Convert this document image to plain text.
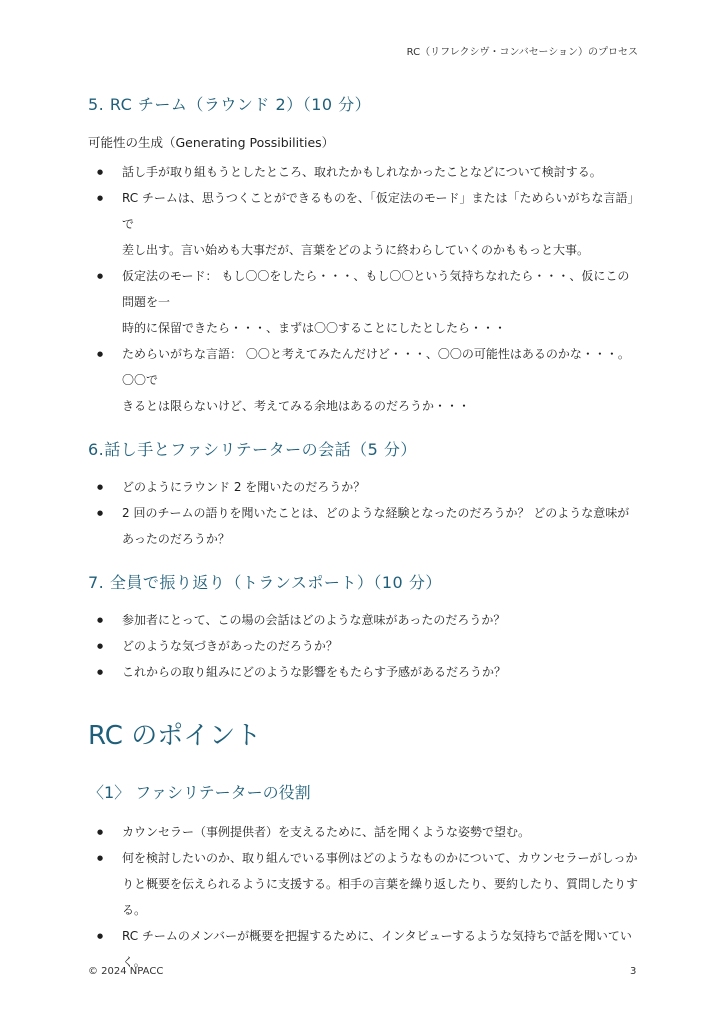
RC（リフレクシヴ・コンバセーション）のプロセス
5. RC チーム（ラウンド 2）（10 分）

可能性の生成（Generating Possibilities）

● 話し手が取り組もうとしたところ、取れたかもしれなかったことなどについて検討する。
● RC チームは、思うつくことができるものを、「仮定法のモード」または「ためらいがちな言語」で
差し出す。言い始めも大事だが、言葉をどのように終わらしていくのかももっと大事。
● 仮定法のモード： もし〇〇をしたら・・・、もし〇〇という気持ちなれたら・・・、仮にこの問題を一
時的に保留できたら・・・、まずは〇〇することにしたとしたら・・・
● ためらいがちな言語： 〇〇と考えてみたんだけど・・・、〇〇の可能性はあるのかな・・・。〇〇で
きるとは限らないけど、考えてみる余地はあるのだろうか・・・
6.話し手とファシリテーターの会話（5 分）
● どのようにラウンド 2 を聞いたのだろうか？
● 2 回のチームの語りを聞いたことは、どのような経験となったのだろうか？ どのような意味が
あったのだろうか？
7. 全員で振り返り（トランスポート）（10 分）
● 参加者にとって、この場の会話はどのような意味があったのだろうか？
● どのような気づきがあったのだろうか？
● これからの取り組みにどのような影響をもたらす予感があるだろうか？
RC のポイント
〈1〉 ファシリテーターの役割
● カウンセラー（事例提供者）を支えるために、話を聞くような姿勢で望む。
● 何を検討したいのか、取り組んでいる事例はどのようなものかについて、カウンセラーがしっか
りと概要を伝えられるように支援する。相手の言葉を繰り返したり、要約したり、質問したりす
る。
● RC チームのメンバーが概要を把握するために、インタビューするような気持ちで話を聞いてい
く。
© 2024 NPACC	3
